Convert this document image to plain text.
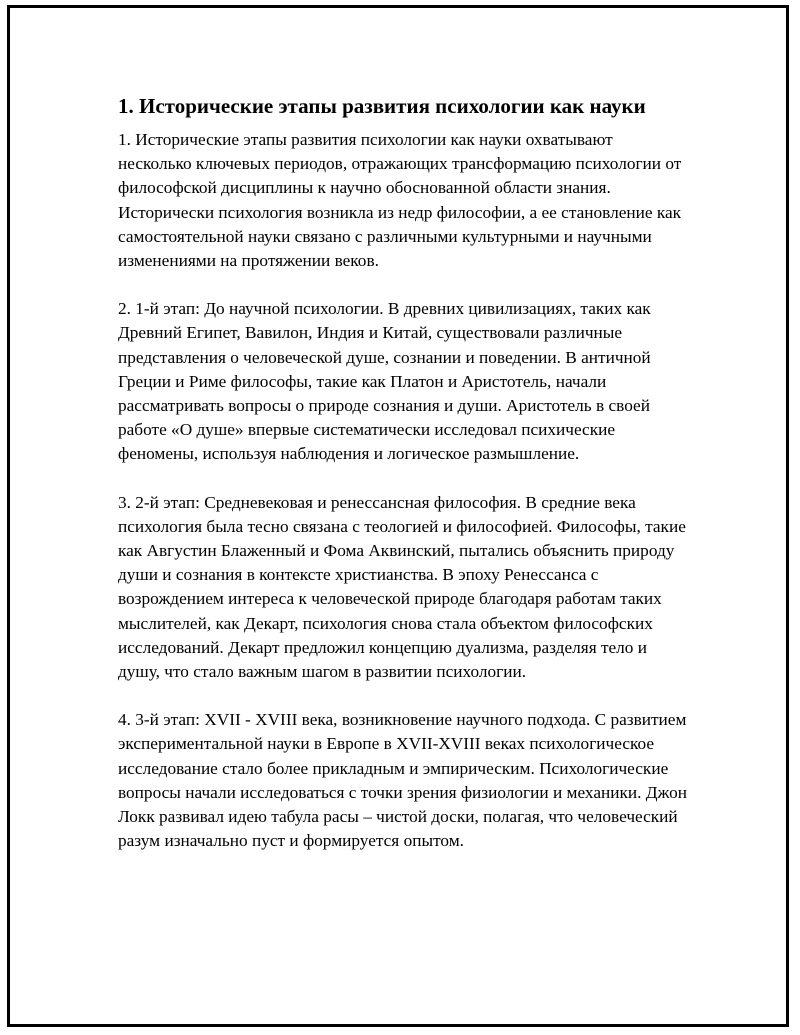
1. Исторические этапы развития психологии как науки

1. Исторические этапы развития психологии как науки охватывают несколько ключевых периодов, отражающих трансформацию психологии от философской дисциплины к научно обоснованной области знания. Исторически психология возникла из недр философии, а ее становление как самостоятельной науки связано с различными культурными и научными изменениями на протяжении веков.

2. 1-й этап: До научной психологии. В древних цивилизациях, таких как Древний Египет, Вавилон, Индия и Китай, существовали различные представления о человеческой душе, сознании и поведении. В античной Греции и Риме философы, такие как Платон и Аристотель, начали рассматривать вопросы о природе сознания и души. Аристотель в своей работе «О душе» впервые систематически исследовал психические феномены, используя наблюдения и логическое размышление.

3. 2-й этап: Средневековая и ренессансная философия. В средние века психология была тесно связана с теологией и философией. Философы, такие как Августин Блаженный и Фома Аквинский, пытались объяснить природу души и сознания в контексте христианства. В эпоху Ренессанса с возрождением интереса к человеческой природе благодаря работам таких мыслителей, как Декарт, психология снова стала объектом философских исследований. Декарт предложил концепцию дуализма, разделяя тело и душу, что стало важным шагом в развитии психологии.

4. 3-й этап: XVII - XVIII века, возникновение научного подхода. С развитием экспериментальной науки в Европе в XVII-XVIII веках психологическое исследование стало более прикладным и эмпирическим. Психологические вопросы начали исследоваться с точки зрения физиологии и механики. Джон Локк развивал идею табула расы – чистой доски, полагая, что человеческий разум изначально пуст и формируется опытом.
